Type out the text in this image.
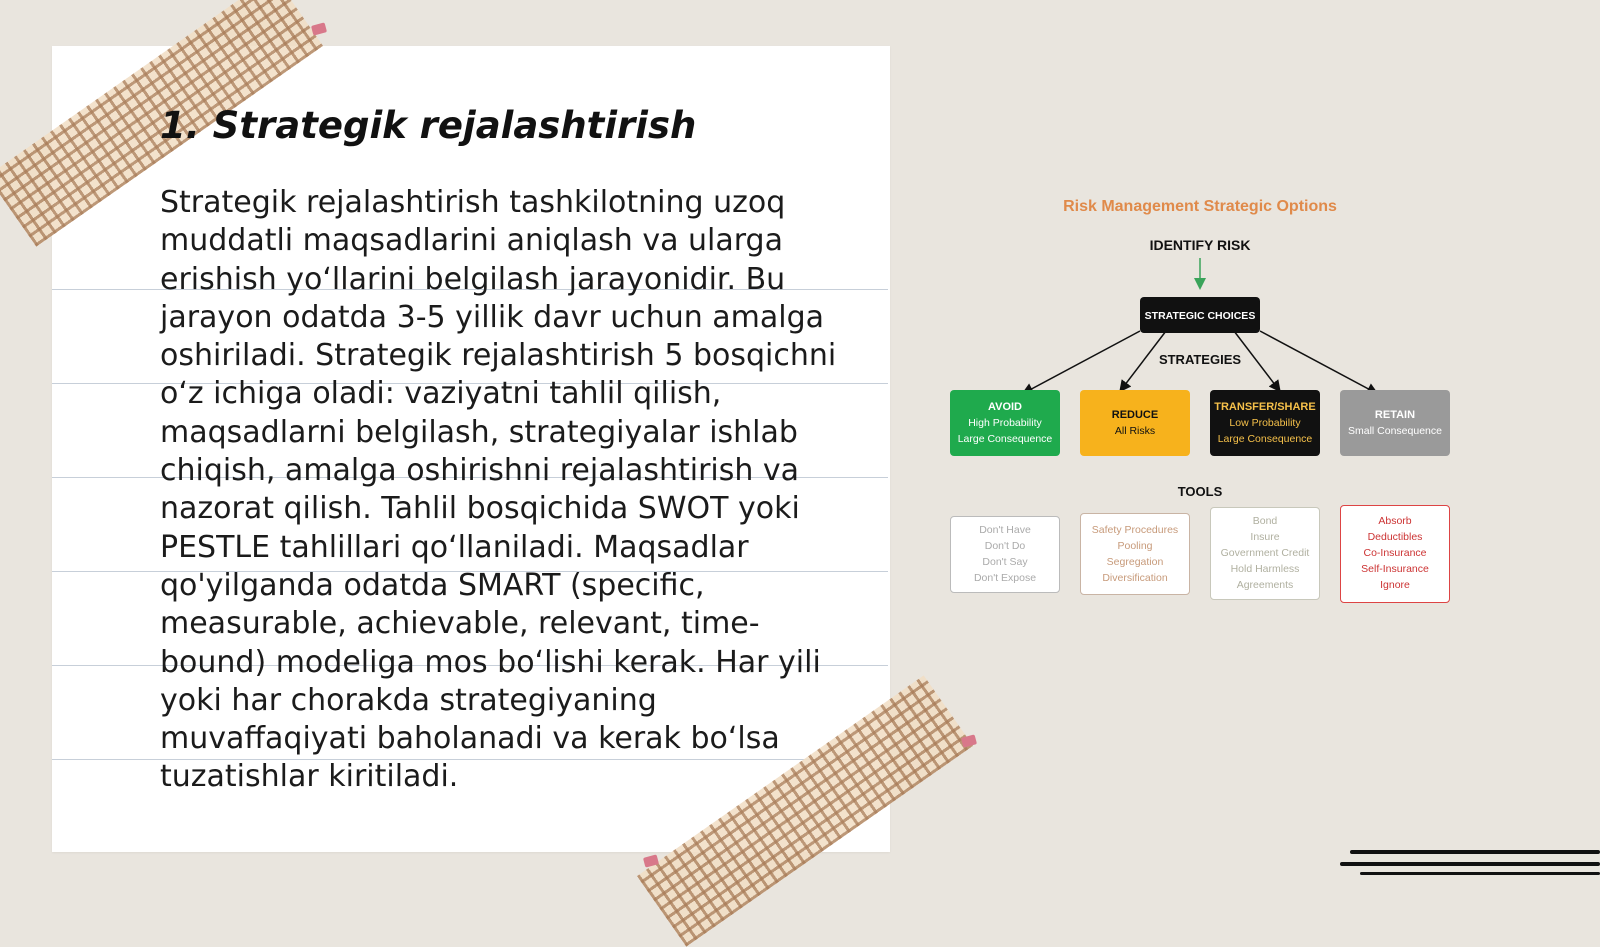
1. Strategik rejalashtirish

Strategik rejalashtirish tashkilotning uzoq muddatli maqsadlarini aniqlash va ularga erishish yo‘llarini belgilash jarayonidir. Bu jarayon odatda 3-5 yillik davr uchun amalga oshiriladi. Strategik rejalashtirish 5 bosqichni o‘z ichiga oladi: vaziyatni tahlil qilish, maqsadlarni belgilash, strategiyalar ishlab chiqish, amalga oshirishni rejalashtirish va nazorat qilish. Tahlil bosqichida SWOT yoki PESTLE tahlillari qo‘llaniladi. Maqsadlar qo'yilganda odatda SMART (specific, measurable, achievable, relevant, time-bound) modeliga mos bo‘lishi kerak. Har yili yoki har chorakda strategiyaning muvaffaqiyati baholanadi va kerak bo‘lsa tuzatishlar kiritiladi.

Risk Management Strategic Options
IDENTIFY RISK
STRATEGIC CHOICES
STRATEGIES
AVOID
High Probability
Large Consequence
REDUCE
All Risks
TRANSFER/SHARE
Low Probability
Large Consequence
RETAIN
Small Consequence
TOOLS
Don't Have
Don't Do
Don't Say
Don't Expose
Safety Procedures
Pooling
Segregation
Diversification
Bond
Insure
Government Credit
Hold Harmless
Agreements
Absorb
Deductibles
Co-Insurance
Self-Insurance
Ignore
